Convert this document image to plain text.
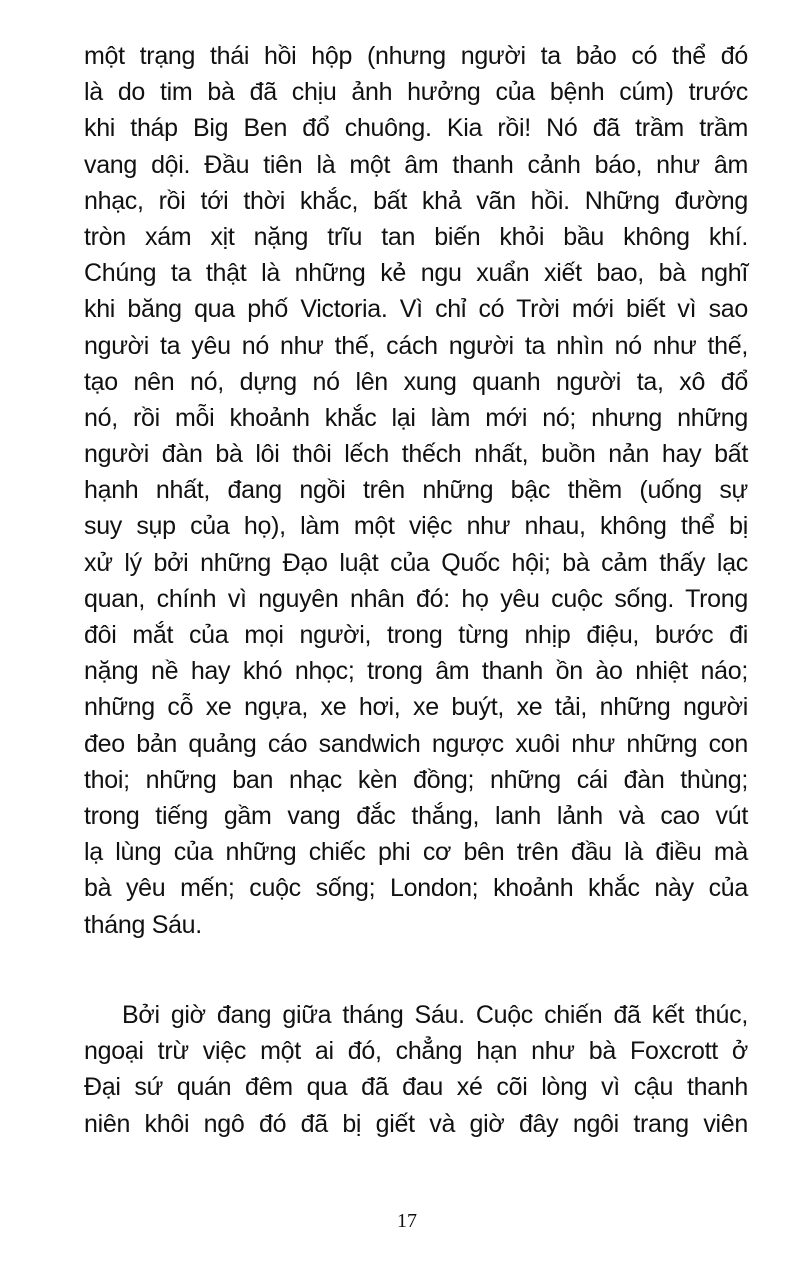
một trạng thái hồi hộp (nhưng người ta bảo có thể đó
là do tim bà đã chịu ảnh hưởng của bệnh cúm) trước
khi tháp Big Ben đổ chuông. Kia rồi! Nó đã trầm trầm
vang dội. Đầu tiên là một âm thanh cảnh báo, như âm
nhạc, rồi tới thời khắc, bất khả vãn hồi. Những đường
tròn xám xịt nặng trĩu tan biến khỏi bầu không khí.
Chúng ta thật là những kẻ ngu xuẩn xiết bao, bà nghĩ
khi băng qua phố Victoria. Vì chỉ có Trời mới biết vì sao
người ta yêu nó như thế, cách người ta nhìn nó như thế,
tạo nên nó, dựng nó lên xung quanh người ta, xô đổ
nó, rồi mỗi khoảnh khắc lại làm mới nó; nhưng những
người đàn bà lôi thôi lếch thếch nhất, buồn nản hay bất
hạnh nhất, đang ngồi trên những bậc thềm (uống sự
suy sụp của họ), làm một việc như nhau, không thể bị
xử lý bởi những Đạo luật của Quốc hội; bà cảm thấy lạc
quan, chính vì nguyên nhân đó: họ yêu cuộc sống. Trong
đôi mắt của mọi người, trong từng nhịp điệu, bước đi
nặng nề hay khó nhọc; trong âm thanh ồn ào nhiệt náo;
những cỗ xe ngựa, xe hơi, xe buýt, xe tải, những người
đeo bản quảng cáo sandwich ngược xuôi như những con
thoi; những ban nhạc kèn đồng; những cái đàn thùng;
trong tiếng gầm vang đắc thắng, lanh lảnh và cao vút
lạ lùng của những chiếc phi cơ bên trên đầu là điều mà
bà yêu mến; cuộc sống; London; khoảnh khắc này của
tháng Sáu.
Bởi giờ đang giữa tháng Sáu. Cuộc chiến đã kết thúc,
ngoại trừ việc một ai đó, chẳng hạn như bà Foxcrott ở
Đại sứ quán đêm qua đã đau xé cõi lòng vì cậu thanh
niên khôi ngô đó đã bị giết và giờ đây ngôi trang viên
17
